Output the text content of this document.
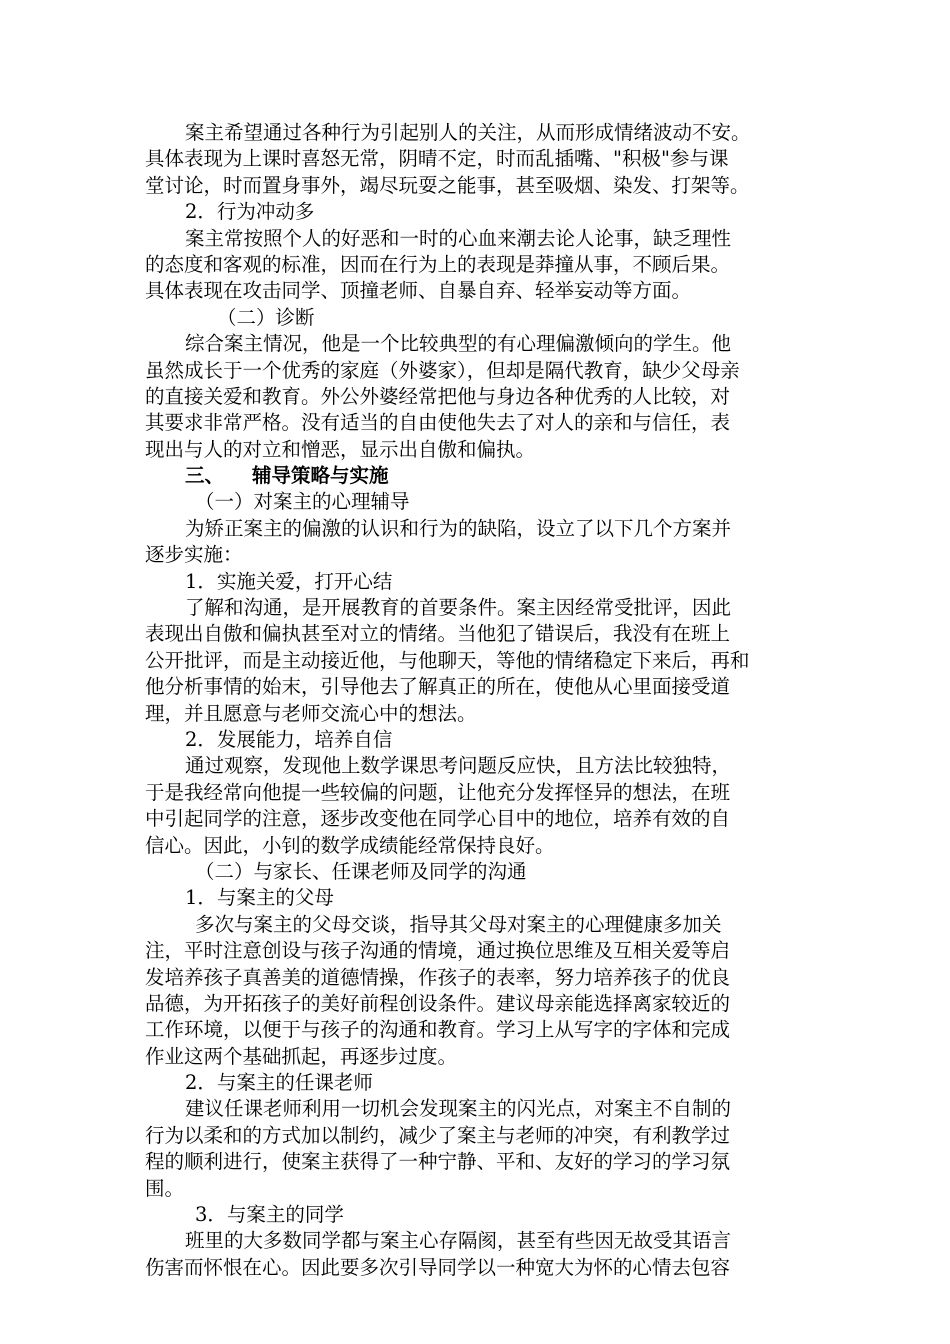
案主希望通过各种行为引起别人的关注，从而形成情绪波动不安。
具体表现为上课时喜怒无常，阴晴不定，时而乱插嘴、"积极"参与课
堂讨论，时而置身事外，竭尽玩耍之能事，甚至吸烟、染发、打架等。
2．行为冲动多
案主常按照个人的好恶和一时的心血来潮去论人论事，缺乏理性
的态度和客观的标准，因而在行为上的表现是莽撞从事，不顾后果。
具体表现在攻击同学、顶撞老师、自暴自弃、轻举妄动等方面。
（二）诊断
综合案主情况，他是一个比较典型的有心理偏激倾向的学生。他
虽然成长于一个优秀的家庭（外婆家），但却是隔代教育，缺少父母亲
的直接关爱和教育。外公外婆经常把他与身边各种优秀的人比较，对
其要求非常严格。没有适当的自由使他失去了对人的亲和与信任，表
现出与人的对立和憎恶，显示出自傲和偏执。
三、 辅导策略与实施
（一）对案主的心理辅导
为矫正案主的偏激的认识和行为的缺陷，设立了以下几个方案并
逐步实施：
1．实施关爱，打开心结
了解和沟通，是开展教育的首要条件。案主因经常受批评，因此
表现出自傲和偏执甚至对立的情绪。当他犯了错误后，我没有在班上
公开批评，而是主动接近他，与他聊天，等他的情绪稳定下来后，再和
他分析事情的始末，引导他去了解真正的所在，使他从心里面接受道
理，并且愿意与老师交流心中的想法。
2．发展能力，培养自信
通过观察，发现他上数学课思考问题反应快，且方法比较独特，
于是我经常向他提一些较偏的问题，让他充分发挥怪异的想法，在班
中引起同学的注意，逐步改变他在同学心目中的地位，培养有效的自
信心。因此，小钊的数学成绩能经常保持良好。
（二）与家长、任课老师及同学的沟通
1．与案主的父母
多次与案主的父母交谈，指导其父母对案主的心理健康多加关
注，平时注意创设与孩子沟通的情境，通过换位思维及互相关爱等启
发培养孩子真善美的道德情操，作孩子的表率，努力培养孩子的优良
品德，为开拓孩子的美好前程创设条件。建议母亲能选择离家较近的
工作环境，以便于与孩子的沟通和教育。学习上从写字的字体和完成
作业这两个基础抓起，再逐步过度。
2．与案主的任课老师
建议任课老师利用一切机会发现案主的闪光点，对案主不自制的
行为以柔和的方式加以制约，减少了案主与老师的冲突，有利教学过
程的顺利进行，使案主获得了一种宁静、平和、友好的学习的学习氛
围。
3．与案主的同学
班里的大多数同学都与案主心存隔阂，甚至有些因无故受其语言
伤害而怀恨在心。因此要多次引导同学以一种宽大为怀的心情去包容
